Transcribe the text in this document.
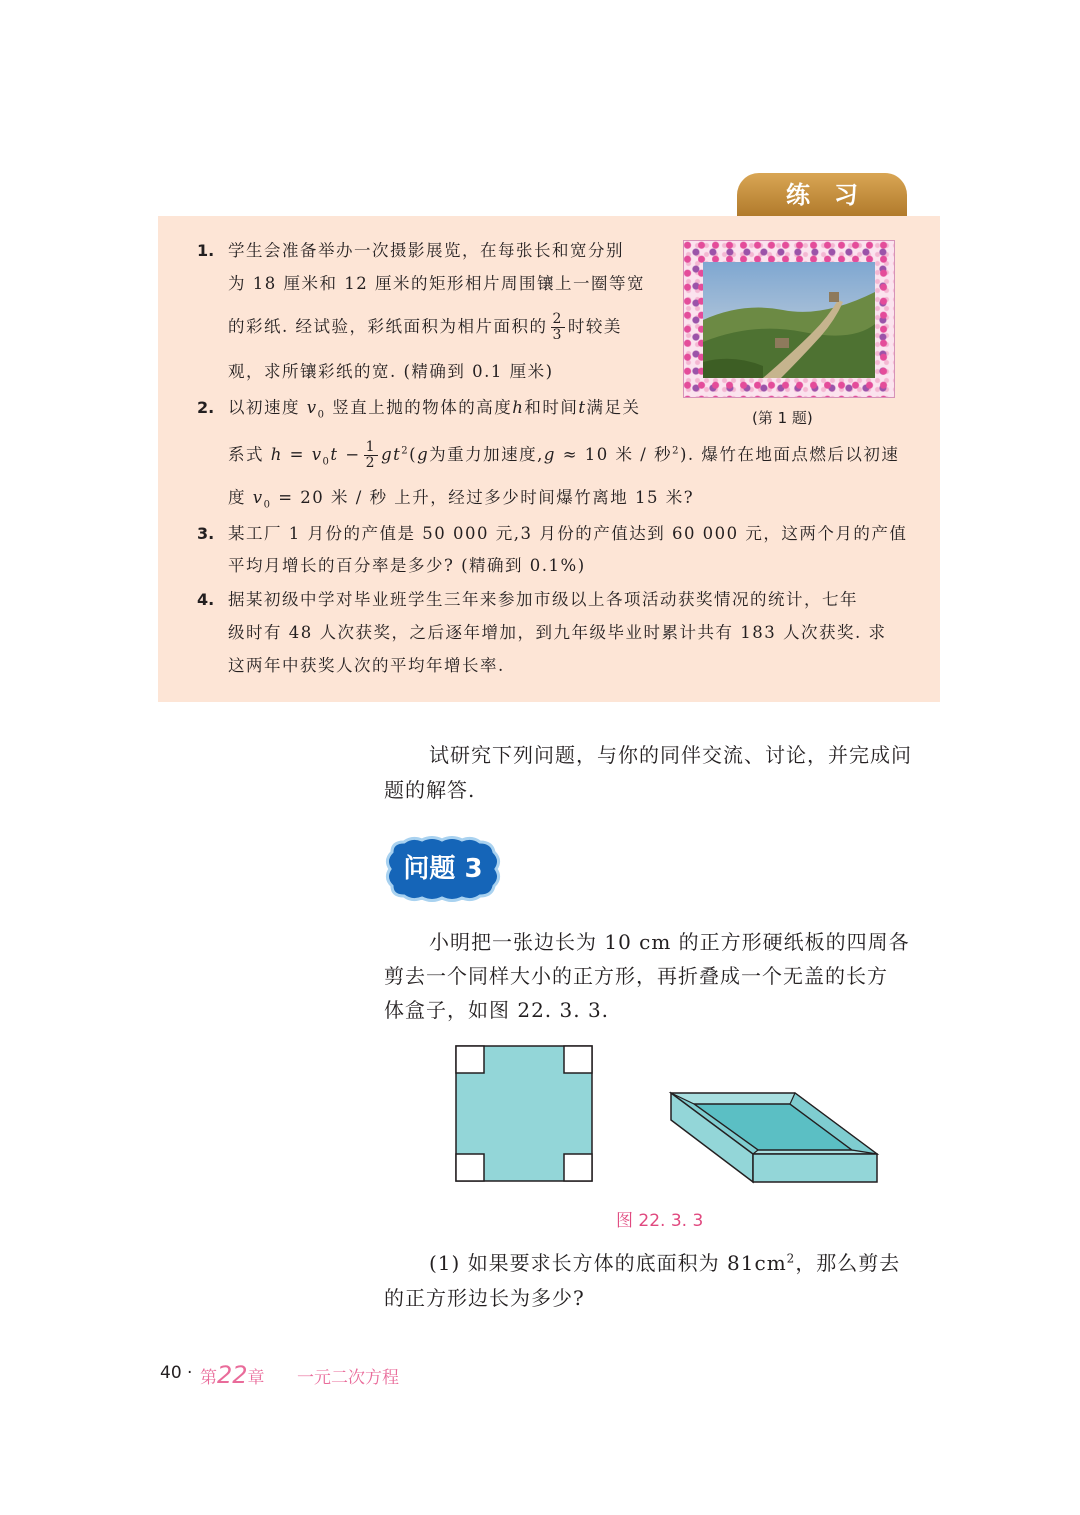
练习
1. 学生会准备举办一次摄影展览，在每张长和宽分别
为 18 厘米和 12 厘米的矩形相片周围镶上一圈等宽
的彩纸. 经试验，彩纸面积为相片面积的 $\frac{2}{3}$ 时较美
观，求所镶彩纸的宽. (精确到 0.1 厘米)
(第 1 题)
2. 以初速度 $v_0$ 竖直上抛的物体的高度h和时间t满足关
系式 $h = v_0t - \frac{1}{2} gt^2(g$为重力加速度,g ≈ 10 米 / 秒$^2$). 爆竹在地面点燃后以初速
度 $v_0 = 20$ 米 / 秒 上升，经过多少时间爆竹离地 15 米?
3. 某工厂 1 月份的产值是 50 000 元,3 月份的产值达到 60 000 元，这两个月的产值
平均月增长的百分率是多少? (精确到 0.1%)
4. 据某初级中学对毕业班学生三年来参加市级以上各项活动获奖情况的统计，七年
级时有 48 人次获奖，之后逐年增加，到九年级毕业时累计共有 183 人次获奖. 求
这两年中获奖人次的平均年增长率.
试研究下列问题，与你的同伴交流、讨论，并完成问
题的解答.
问题 3
小明把一张边长为 10 cm 的正方形硬纸板的四周各
剪去一个同样大小的正方形，再折叠成一个无盖的长方
体盒子，如图 22. 3. 3.
图 22. 3. 3
(1) 如果要求长方体的底面积为 $81cm^2$，那么剪去
的正方形边长为多少?
40 · 第22章 一元二次方程
